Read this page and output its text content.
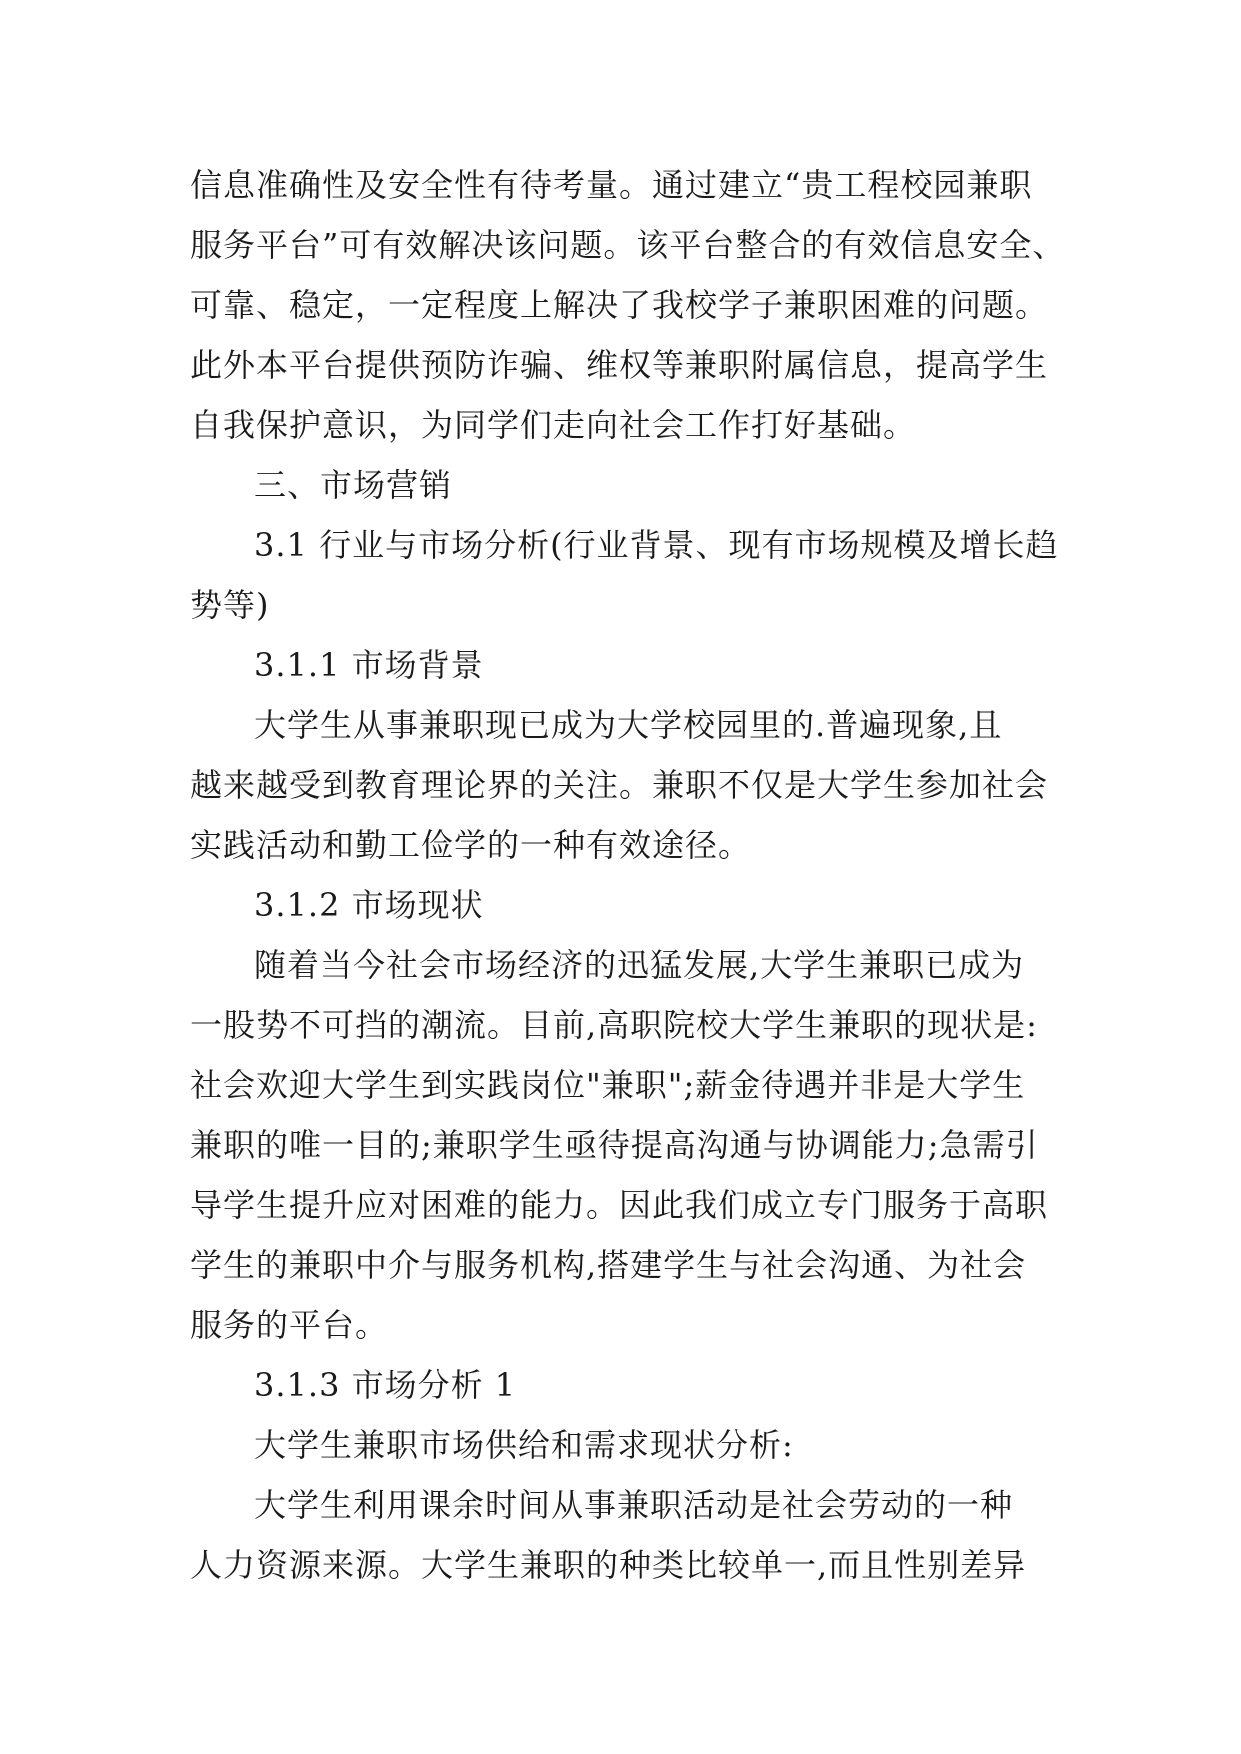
信息准确性及安全性有待考量。通过建立“贵工程校园兼职
服务平台”可有效解决该问题。该平台整合的有效信息安全、
可靠、稳定，一定程度上解决了我校学子兼职困难的问题。
此外本平台提供预防诈骗、维权等兼职附属信息，提高学生
自我保护意识，为同学们走向社会工作打好基础。
三、市场营销
3.1 行业与市场分析(行业背景、现有市场规模及增长趋
势等)
3.1.1 市场背景
大学生从事兼职现已成为大学校园里的.普遍现象,且
越来越受到教育理论界的关注。兼职不仅是大学生参加社会
实践活动和勤工俭学的一种有效途径。
3.1.2 市场现状
随着当今社会市场经济的迅猛发展,大学生兼职已成为
一股势不可挡的潮流。目前,高职院校大学生兼职的现状是:
社会欢迎大学生到实践岗位"兼职";薪金待遇并非是大学生
兼职的唯一目的;兼职学生亟待提高沟通与协调能力;急需引
导学生提升应对困难的能力。因此我们成立专门服务于高职
学生的兼职中介与服务机构,搭建学生与社会沟通、为社会
服务的平台。
3.1.3 市场分析 1
大学生兼职市场供给和需求现状分析:
大学生利用课余时间从事兼职活动是社会劳动的一种
人力资源来源。大学生兼职的种类比较单一,而且性别差异
